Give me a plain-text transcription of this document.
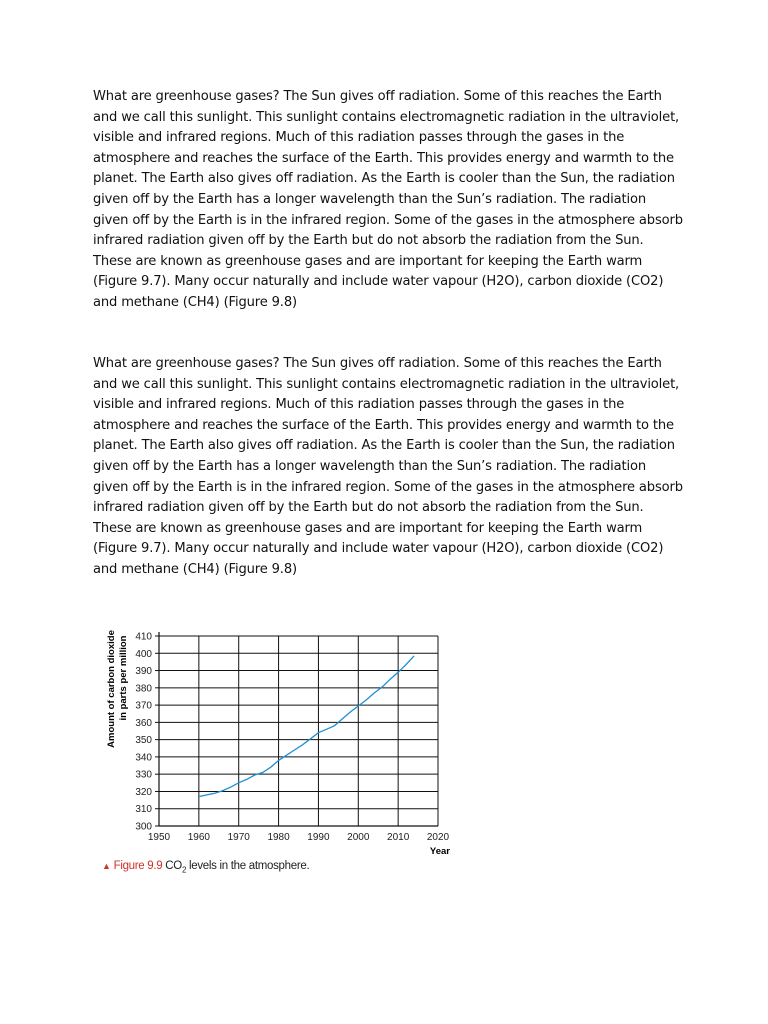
What are greenhouse gases? The Sun gives off radiation. Some of this reaches the Earth and we call this sunlight. This sunlight contains electromagnetic radiation in the ultraviolet, visible and infrared regions. Much of this radiation passes through the gases in the atmosphere and reaches the surface of the Earth. This provides energy and warmth to the planet. The Earth also gives off radiation. As the Earth is cooler than the Sun, the radiation given off by the Earth has a longer wavelength than the Sun’s radiation. The radiation given off by the Earth is in the infrared region. Some of the gases in the atmosphere absorb infrared radiation given off by the Earth but do not absorb the radiation from the Sun. These are known as greenhouse gases and are important for keeping the Earth warm (Figure 9.7). Many occur naturally and include water vapour (H2O), carbon dioxide (CO2) and methane (CH4) (Figure 9.8)

What are greenhouse gases? The Sun gives off radiation. Some of this reaches the Earth and we call this sunlight. This sunlight contains electromagnetic radiation in the ultraviolet, visible and infrared regions. Much of this radiation passes through the gases in the atmosphere and reaches the surface of the Earth. This provides energy and warmth to the planet. The Earth also gives off radiation. As the Earth is cooler than the Sun, the radiation given off by the Earth has a longer wavelength than the Sun’s radiation. The radiation given off by the Earth is in the infrared region. Some of the gases in the atmosphere absorb infrared radiation given off by the Earth but do not absorb the radiation from the Sun. These are known as greenhouse gases and are important for keeping the Earth warm (Figure 9.7). Many occur naturally and include water vapour (H2O), carbon dioxide (CO2) and methane (CH4) (Figure 9.8)

300
310
320
330
340
350
360
370
380
390
400
410
1950 1960 1970 1980 1990 2000 2010 2020
Amount of carbon dioxide in parts per million
Year
▲ Figure 9.9 $CO_2$ levels in the atmosphere.
